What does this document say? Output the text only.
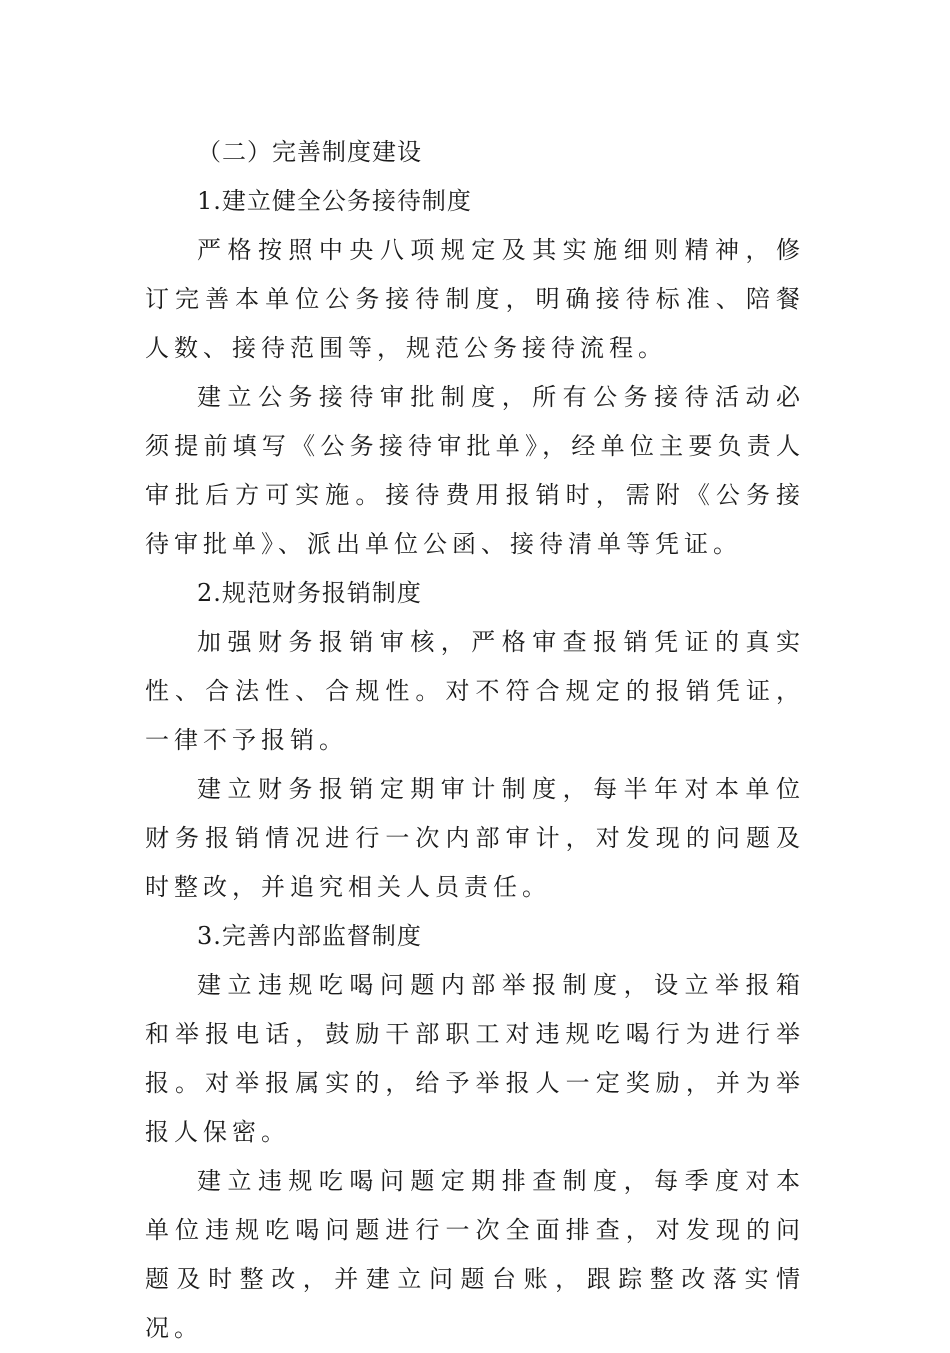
（二）完善制度建设
1.建立健全公务接待制度

严格按照中央八项规定及其实施细则精神，修订完善本单位公务接待制度，明确接待标准、陪餐人数、接待范围等，规范公务接待流程。

建立公务接待审批制度，所有公务接待活动必须提前填写《公务接待审批单》，经单位主要负责人审批后方可实施。接待费用报销时，需附《公务接待审批单》、派出单位公函、接待清单等凭证。

2.规范财务报销制度

加强财务报销审核，严格审查报销凭证的真实性、合法性、合规性。对不符合规定的报销凭证，一律不予报销。

建立财务报销定期审计制度，每半年对本单位财务报销情况进行一次内部审计，对发现的问题及时整改，并追究相关人员责任。

3.完善内部监督制度

建立违规吃喝问题内部举报制度，设立举报箱和举报电话，鼓励干部职工对违规吃喝行为进行举报。对举报属实的，给予举报人一定奖励，并为举报人保密。

建立违规吃喝问题定期排查制度，每季度对本单位违规吃喝问题进行一次全面排查，对发现的问题及时整改，并建立问题台账，跟踪整改落实情况。
